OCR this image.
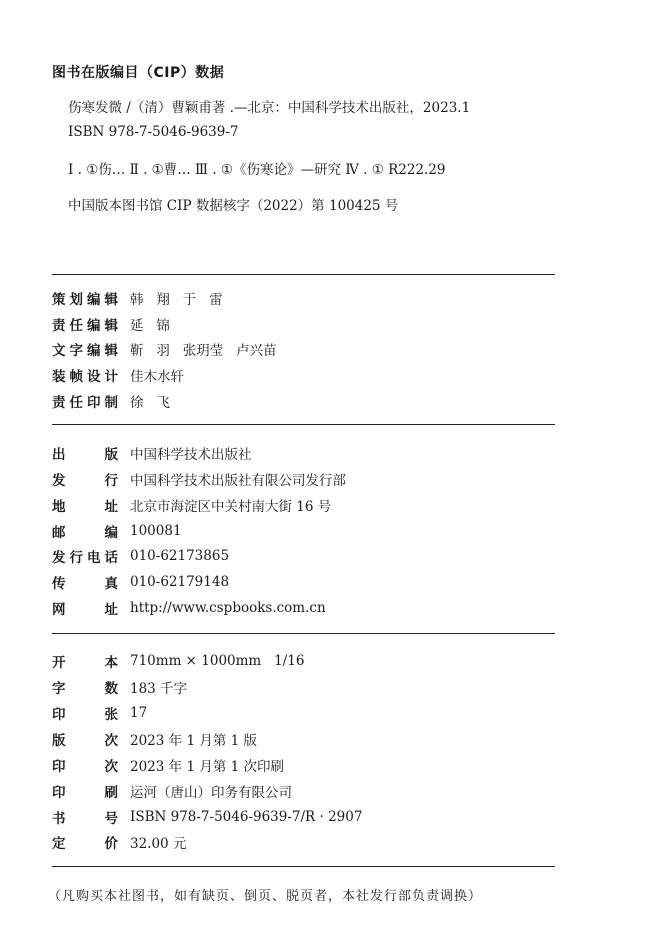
图书在版编目（CIP）数据
伤寒发微 /（清）曹颖甫著 .—北京：中国科学技术出版社，2023.1
ISBN 978-7-5046-9639-7
Ⅰ . ①伤… Ⅱ . ①曹… Ⅲ . ①《伤寒论》—研究 Ⅳ . ① R222.29
中国版本图书馆 CIP 数据核字（2022）第 100425 号
策划编辑 韩   翔   于   雷
责任编辑 延   锦
文字编辑 靳   羽   张玥莹   卢兴苗
装帧设计 佳木水轩
责任印制 徐   飞
出版 中国科学技术出版社
发行 中国科学技术出版社有限公司发行部
地址 北京市海淀区中关村南大街 16 号
邮编 100081
发行电话 010-62173865
传真 010-62179148
网址 http://www.cspbooks.com.cn
开本 710mm × 1000mm   1/16
字数 183 千字
印张 17
版次 2023 年 1 月第 1 版
印次 2023 年 1 月第 1 次印刷
印刷 运河（唐山）印务有限公司
书号 ISBN 978-7-5046-9639-7/R · 2907
定价 32.00 元
（凡购买本社图书，如有缺页、倒页、脱页者，本社发行部负责调换）
